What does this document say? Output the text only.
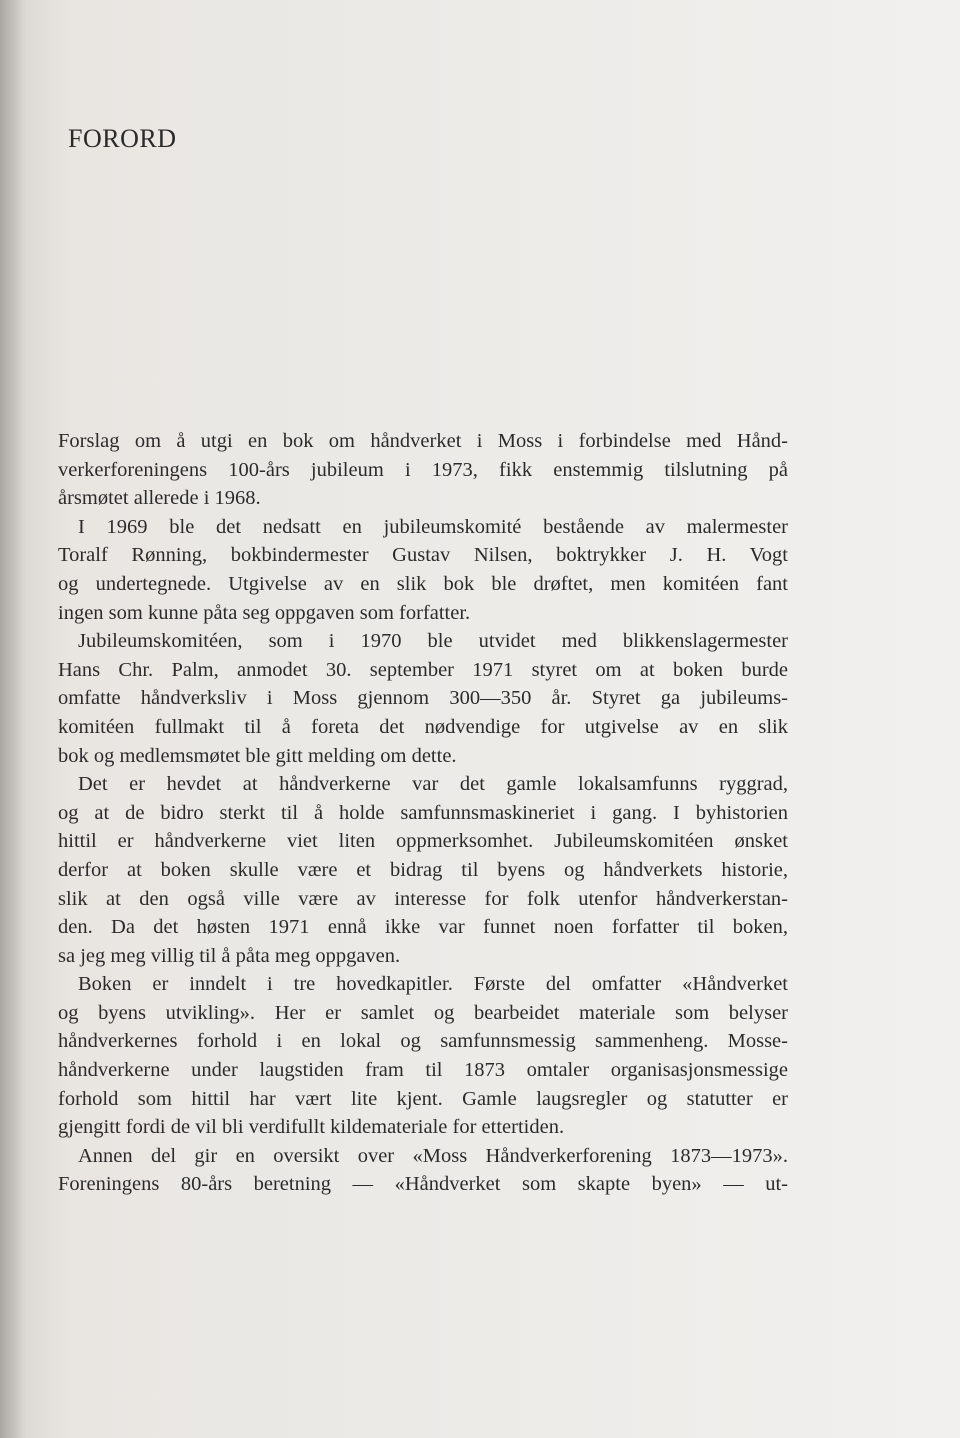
FORORD
Forslag om å utgi en bok om håndverket i Moss i forbindelse med Hånd-
verkerforeningens 100-års jubileum i 1973, fikk enstemmig tilslutning på
årsmøtet allerede i 1968.
I 1969 ble det nedsatt en jubileumskomité bestående av malermester
Toralf Rønning, bokbindermester Gustav Nilsen, boktrykker J. H. Vogt
og undertegnede. Utgivelse av en slik bok ble drøftet, men komitéen fant
ingen som kunne påta seg oppgaven som forfatter.
Jubileumskomitéen, som i 1970 ble utvidet med blikkenslagermester
Hans Chr. Palm, anmodet 30. september 1971 styret om at boken burde
omfatte håndverksliv i Moss gjennom 300—350 år. Styret ga jubileums-
komitéen fullmakt til å foreta det nødvendige for utgivelse av en slik
bok og medlemsmøtet ble gitt melding om dette.
Det er hevdet at håndverkerne var det gamle lokalsamfunns ryggrad,
og at de bidro sterkt til å holde samfunnsmaskineriet i gang. I byhistorien
hittil er håndverkerne viet liten oppmerksomhet. Jubileumskomitéen ønsket
derfor at boken skulle være et bidrag til byens og håndverkets historie,
slik at den også ville være av interesse for folk utenfor håndverkerstan-
den. Da det høsten 1971 ennå ikke var funnet noen forfatter til boken,
sa jeg meg villig til å påta meg oppgaven.
Boken er inndelt i tre hovedkapitler. Første del omfatter «Håndverket
og byens utvikling». Her er samlet og bearbeidet materiale som belyser
håndverkernes forhold i en lokal og samfunnsmessig sammenheng. Mosse-
håndverkerne under laugstiden fram til 1873 omtaler organisasjonsmessige
forhold som hittil har vært lite kjent. Gamle laugsregler og statutter er
gjengitt fordi de vil bli verdifullt kildemateriale for ettertiden.
Annen del gir en oversikt over «Moss Håndverkerforening 1873—1973».
Foreningens 80-års beretning — «Håndverket som skapte byen» — ut-
